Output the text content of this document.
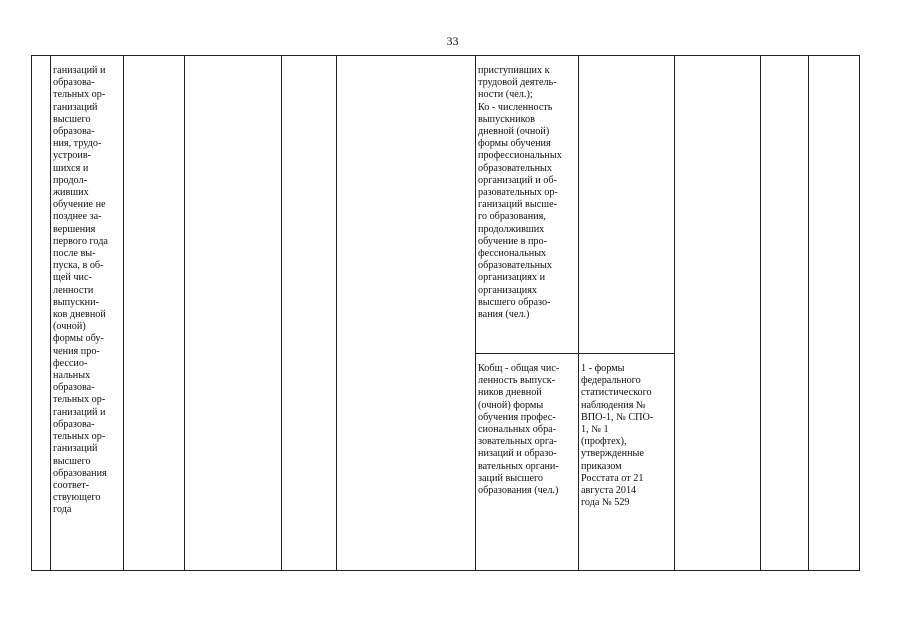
33
ганизаций и
образова-
тельных ор-
ганизаций
высшего
образова-
ния, трудо-
устроив-
шихся и
продол-
живших
обучение не
позднее за-
вершения
первого года
после вы-
пуска, в об-
щей чис-
ленности
выпускни-
ков дневной
(очной)
формы обу-
чения про-
фессио-
нальных
образова-
тельных ор-
ганизаций и
образова-
тельных ор-
ганизаций
высшего
образования
соответ-
ствующего
года
приступивших к
трудовой деятель-
ности (чел.);
Ко - численность
выпускников
дневной (очной)
формы обучения
профессиональных
образовательных
организаций и об-
разовательных ор-
ганизаций высше-
го образования,
продолживших
обучение в про-
фессиональных
образовательных
организациях и
организациях
высшего образо-
вания (чел.)
Кобщ - общая чис-
ленность выпуск-
ников дневной
(очной) формы
обучения профес-
сиональных обра-
зовательных орга-
низаций и образо-
вательных органи-
заций высшего
образования (чел.)
1 - формы
федерального
статистического
наблюдения №
ВПО-1, № СПО-
1, № 1
(профтех),
утвержденные
приказом
Росстата от 21
августа 2014
года № 529
